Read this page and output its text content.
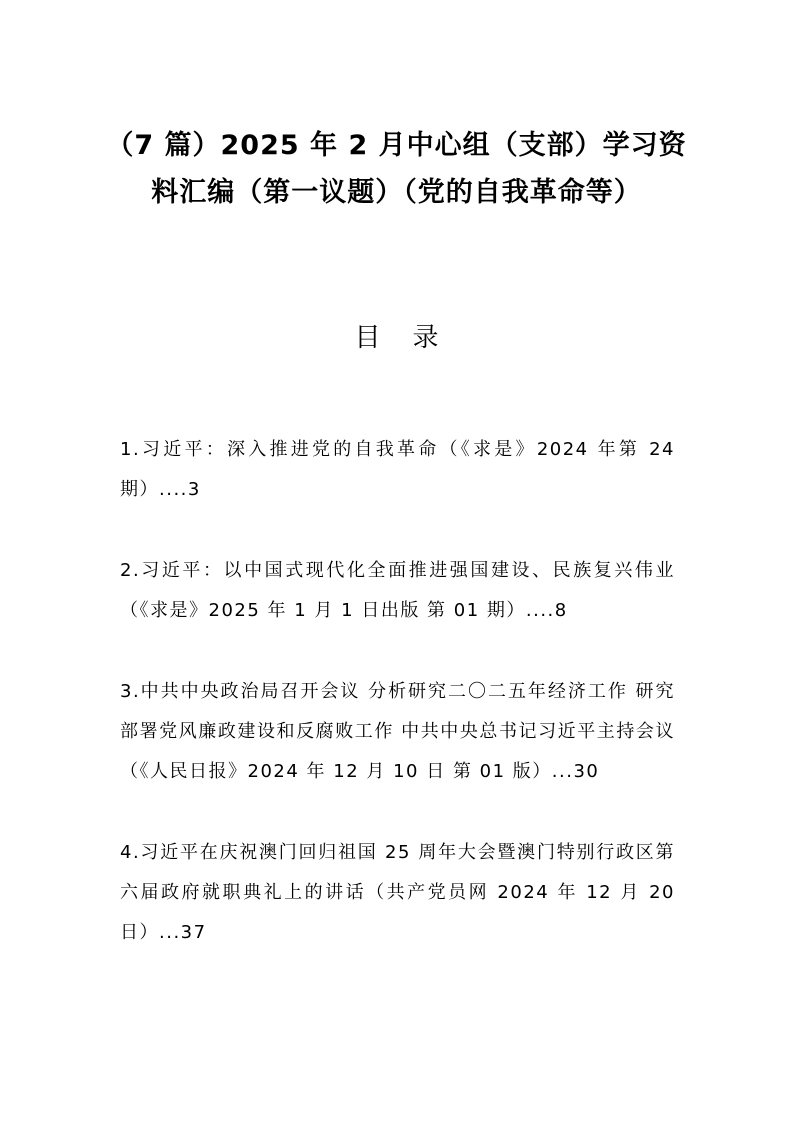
（7 篇）2025 年 2 月中心组（支部）学习资料汇编（第一议题）（党的自我革命等）
目录
1.习近平：深入推进党的自我革命（《求是》2024 年第 24 期）....3
2.习近平：以中国式现代化全面推进强国建设、民族复兴伟业（《求是》2025 年 1 月 1 日出版 第 01 期）....8
3.中共中央政治局召开会议 分析研究二〇二五年经济工作 研究部署党风廉政建设和反腐败工作 中共中央总书记习近平主持会议（《人民日报》2024 年 12 月 10 日 第 01 版）...30
4.习近平在庆祝澳门回归祖国 25 周年大会暨澳门特别行政区第六届政府就职典礼上的讲话（共产党员网 2024 年 12 月 20 日）...37
